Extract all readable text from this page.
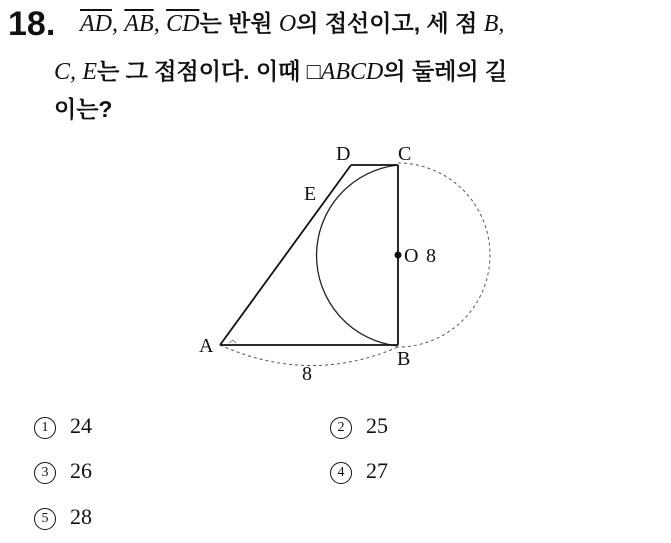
18. $\overline{AD}$, $\overline{AB}$, $\overline{CD}$는 반원 O의 접선이고, 세 점 B,
C, E는 그 접점이다. 이때 □ABCD의 둘레의 길
이는?
D C
E
O 8
A
B
8
1 24	2 25
3 26	4 27
5 28
